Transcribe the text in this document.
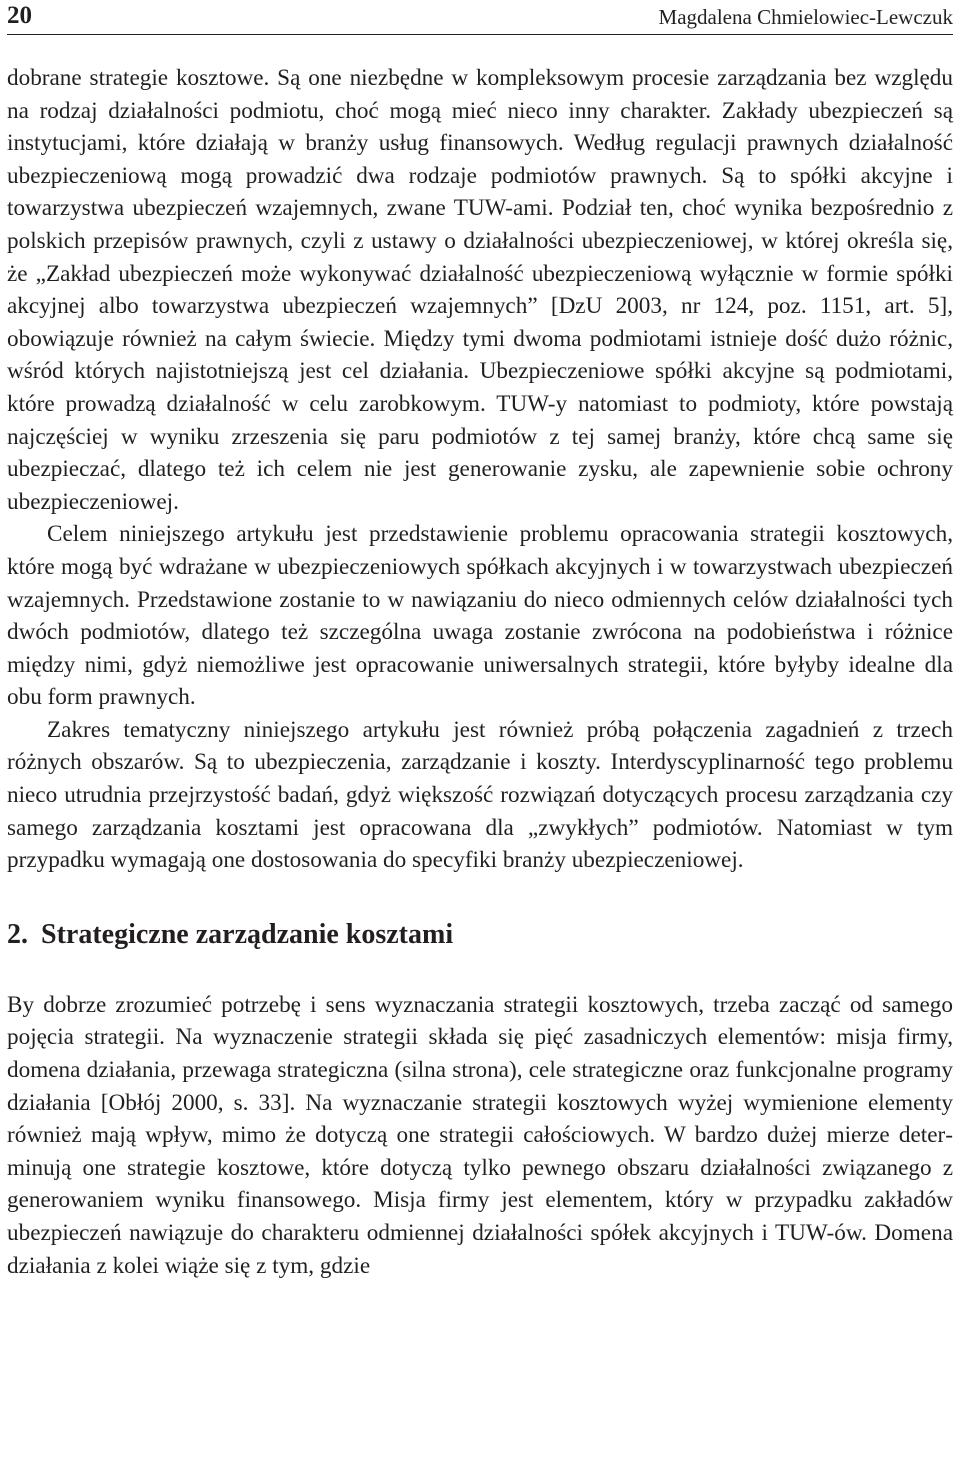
20	Magdalena Chmielowiec-Lewczuk

dobrane strategie kosztowe. Są one niezbędne w kompleksowym procesie zarządzania bez względu na rodzaj działalności podmiotu, choć mogą mieć nieco inny charakter. Zakłady ubezpieczeń są instytucjami, które działają w branży usług finansowych. Według regulacji prawnych działalność ubezpieczeniową mogą prowadzić dwa rodzaje podmiotów prawnych. Są to spółki akcyjne i towarzystwa ubezpieczeń wzajemnych, zwane TUW-ami. Podział ten, choć wynika bezpośrednio z polskich przepisów prawnych, czyli z ustawy o działalności ubezpieczeniowej, w której określa się, że „Zakład ubezpieczeń może wykonywać działalność ubezpieczeniową wyłącznie w formie spółki akcyjnej albo towarzystwa ubezpieczeń wzajemnych” [DzU 2003, nr 124, poz. 1151, art. 5], obowiązuje również na całym świecie. Między tymi dwoma podmiotami istnieje dość dużo różnic, wśród których najistotniejszą jest cel działania. Ubezpieczeniowe spółki akcyjne są podmiotami, które prowadzą działalność w celu zarobkowym. TUW-y natomiast to podmioty, które powstają najczęściej w wyniku zrzeszenia się paru podmiotów z tej samej branży, które chcą same się ubezpieczać, dlatego też ich celem nie jest generowanie zysku, ale zapewnienie sobie ochrony ubezpieczeniowej.

Celem niniejszego artykułu jest przedstawienie problemu opracowania strategii kosztowych, które mogą być wdrażane w ubezpieczeniowych spółkach akcyjnych i w towarzystwach ubezpieczeń wzajemnych. Przedstawione zostanie to w nawiązaniu do nieco odmiennych celów działalności tych dwóch podmiotów, dlatego też szczególna uwaga zostanie zwrócona na podobieństwa i różnice między nimi, gdyż niemożliwe jest opracowanie uniwersalnych strategii, które byłyby idealne dla obu form prawnych.

Zakres tematyczny niniejszego artykułu jest również próbą połączenia zagadnień z trzech różnych obszarów. Są to ubezpieczenia, zarządzanie i koszty. Interdyscyplinarność tego problemu nieco utrudnia przejrzystość badań, gdyż większość rozwiązań dotyczących procesu zarządzania czy samego zarządzania kosztami jest opracowana dla „zwykłych” podmiotów. Natomiast w tym przypadku wymagają one dostosowania do specyfiki branży ubezpieczeniowej.

2. Strategiczne zarządzanie kosztami

By dobrze zrozumieć potrzebę i sens wyznaczania strategii kosztowych, trzeba zacząć od samego pojęcia strategii. Na wyznaczenie strategii składa się pięć zasadniczych elementów: misja firmy, domena działania, przewaga strategiczna (silna strona), cele strategiczne oraz funkcjonalne programy działania [Obłój 2000, s. 33]. Na wyznaczanie strategii kosztowych wyżej wymienione elementy również mają wpływ, mimo że dotyczą one strategii całościowych. W bardzo dużej mierze determinują one strategie kosztowe, które dotyczą tylko pewnego obszaru działalności związanego z generowaniem wyniku finansowego. Misja firmy jest elementem, który w przypadku zakładów ubezpieczeń nawiązuje do charakteru odmiennej działalności spółek akcyjnych i TUW-ów. Domena działania z kolei wiąże się z tym, gdzie
